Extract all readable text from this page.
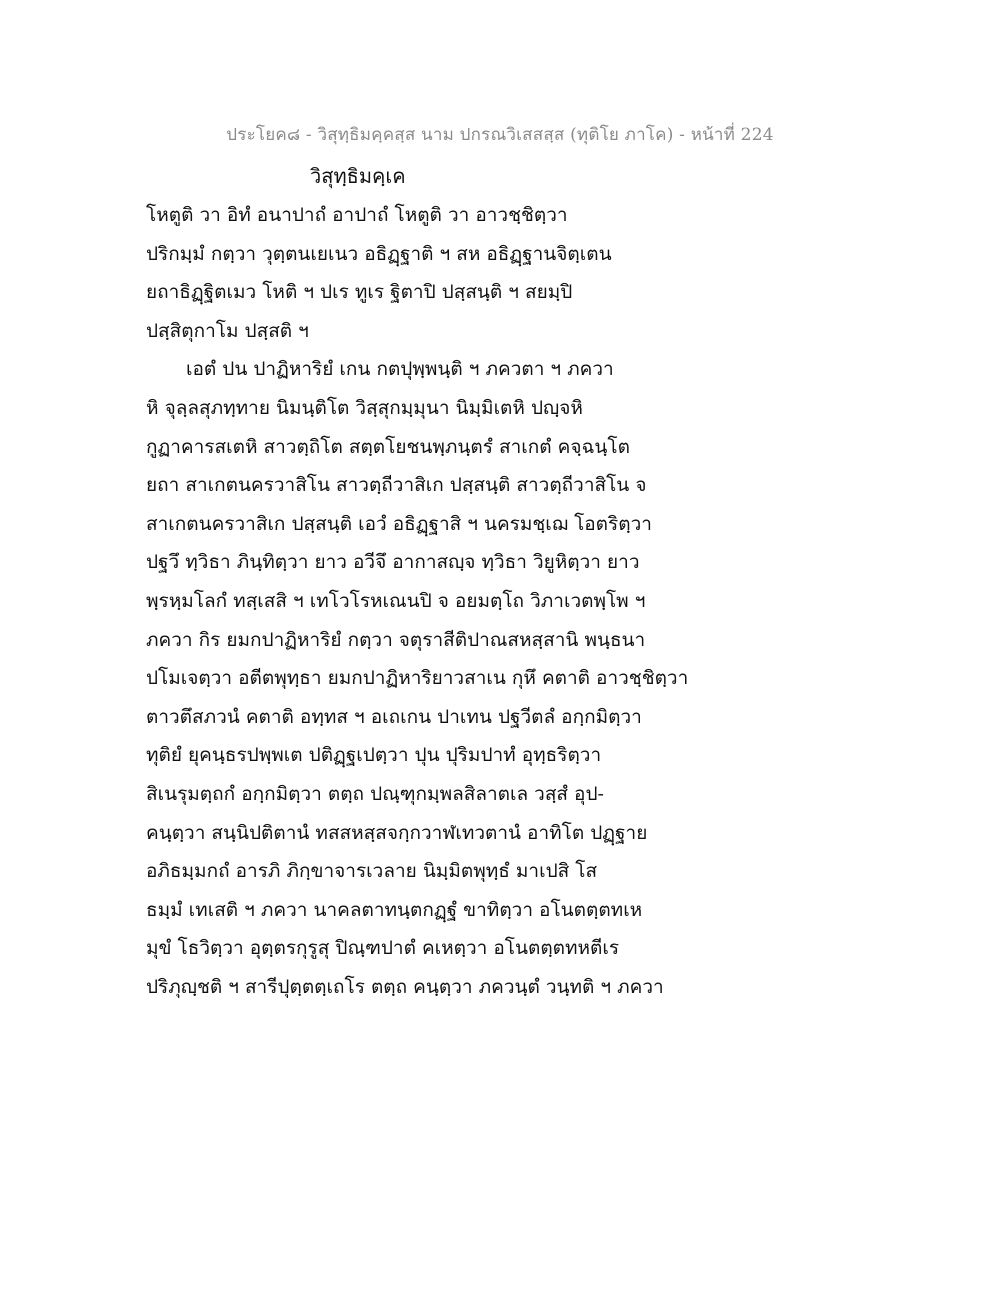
ประโยค๘ - วิสุทฺธิมคฺคสฺส นาม ปกรณวิเสสสฺส (ทุติโย ภาโค) - หน้าที่ 224
วิสุทฺธิมคฺเค
โหตูติ วา อิทํ อนาปาถํ อาปาถํ โหตูติ วา อาวชฺชิตฺวา
ปริกมฺมํ กตฺวา วุตฺตนเยเนว อธิฏฺฐาติ ฯ สห อธิฏฺฐานจิตฺเตน
ยถาธิฏฺฐิตเมว โหติ ฯ ปเร ทูเร ฐิตาปิ ปสฺสนฺติ ฯ สยมฺปิ
ปสฺสิตุกาโม ปสฺสติ ฯ
เอตํ ปน ปาฏิหาริยํ เกน กตปุพฺพนฺติ ฯ ภควตา ฯ ภควา
หิ จุลฺลสุภทฺทาย นิมนฺติโต วิสฺสุกมฺมุนา นิมฺมิเตหิ ปญฺจหิ
กูฏาคารสเตหิ สาวตฺถิโต สตฺตโยชนพฺภนฺตรํ สาเกตํ คจฺฉนฺโต
ยถา สาเกตนครวาสิโน สาวตฺถีวาสิเก ปสฺสนฺติ สาวตฺถีวาสิโน จ
สาเกตนครวาสิเก ปสฺสนฺติ เอวํ อธิฏฺฐาสิ ฯ นครมชฺเฌ โอตริตฺวา
ปฐวึ ทฺวิธา ภินฺทิตฺวา ยาว อวีจึ อากาสญฺจ ทฺวิธา วิยูหิตฺวา ยาว
พฺรหฺมโลกํ ทสฺเสสิ ฯ เทโวโรหเณนปิ จ อยมตฺโถ วิภาเวตพฺโพ ฯ
ภควา กิร ยมกปาฏิหาริยํ กตฺวา จตุราสีติปาณสหสฺสานิ พนฺธนา
ปโมเจตฺวา อตีตพุทฺธา ยมกปาฏิหาริยาวสาเน กุหึ คตาติ อาวชฺชิตฺวา
ตาวตึสภวนํ คตาติ อทฺทส ฯ อเถเกน ปาเทน ปฐวีตลํ อกฺกมิตฺวา
ทุติยํ ยุคนฺธรปพฺพเต ปติฏฺฐเปตฺวา ปุน ปุริมปาทํ อุทฺธริตฺวา
สิเนรุมตฺถกํ อกฺกมิตฺวา ตตฺถ ปณฺฑุกมฺพลสิลาตเล วสฺสํ อุป-
คนฺตฺวา สนฺนิปติตานํ ทสสหสฺสจกฺกวาฬเทวตานํ อาทิโต ปฏฺฐาย
อภิธมฺมกถํ อารภิ ภิกฺขาจารเวลาย นิมฺมิตพุทฺธํ มาเปสิ โส
ธมฺมํ เทเสติ ฯ ภควา นาคลตาทนฺตกฏฺฐํ ขาทิตฺวา อโนตตฺตทเห
มุขํ โธวิตฺวา อุตฺตรกุรูสุ ปิณฺฑปาตํ คเหตฺวา อโนตตฺตทหตีเร
ปริภุญฺชติ ฯ สารีปุตฺตตฺเถโร ตตฺถ คนฺตฺวา ภควนฺตํ วนฺทติ ฯ ภควา
